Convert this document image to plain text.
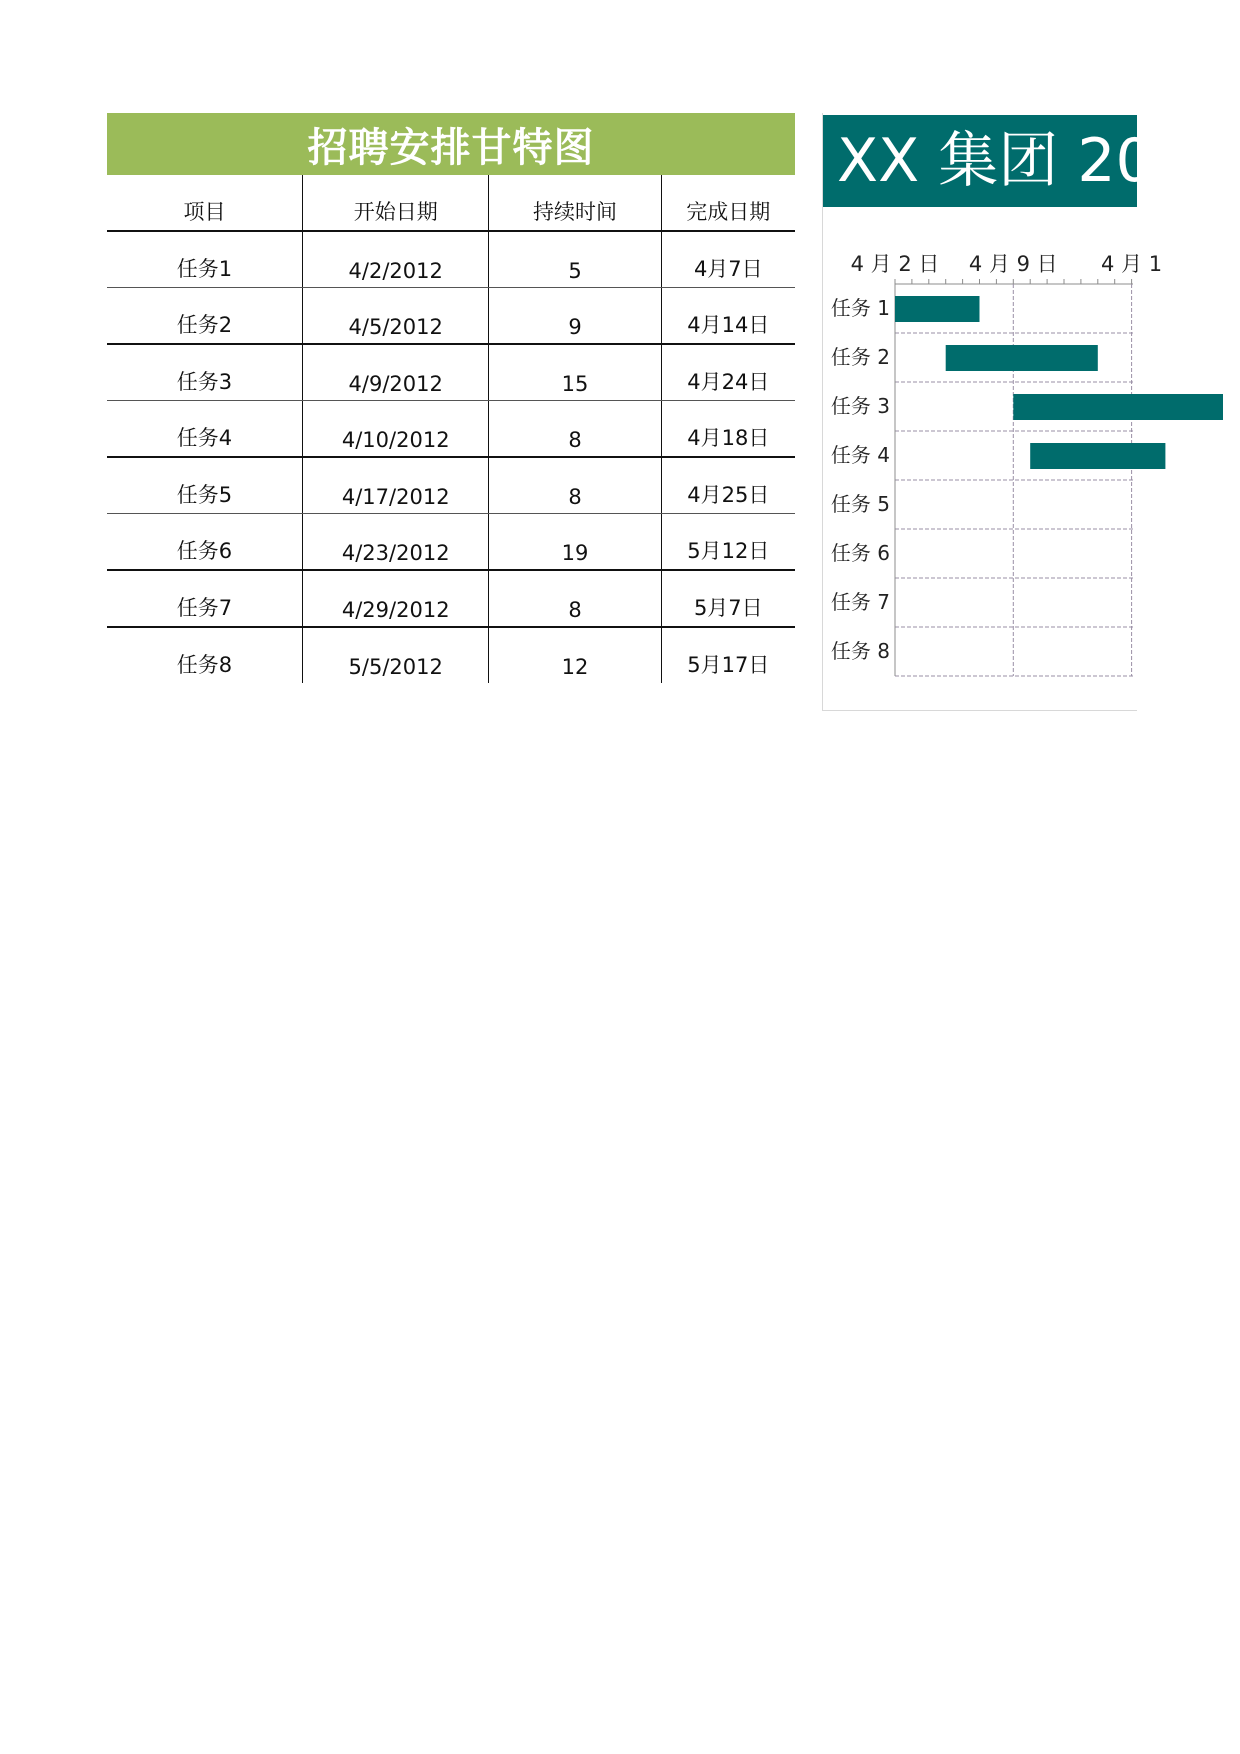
招聘安排甘特图
项目	开始日期	持续时间	完成日期
任务1	4/2/2012	5	4月7日
任务2	4/5/2012	9	4月14日
任务3	4/9/2012	15	4月24日
任务4	4/10/2012	8	4月18日
任务5	4/17/2012	8	4月25日
任务6	4/23/2012	19	5月12日
任务7	4/29/2012	8	5月7日
任务8	5/5/2012	12	5月17日
XX 集团 20
4 月 2 日 4 月 9 日 4 月 1
任务 1
任务 2
任务 3
任务 4
任务 5
任务 6
任务 7
任务 8
